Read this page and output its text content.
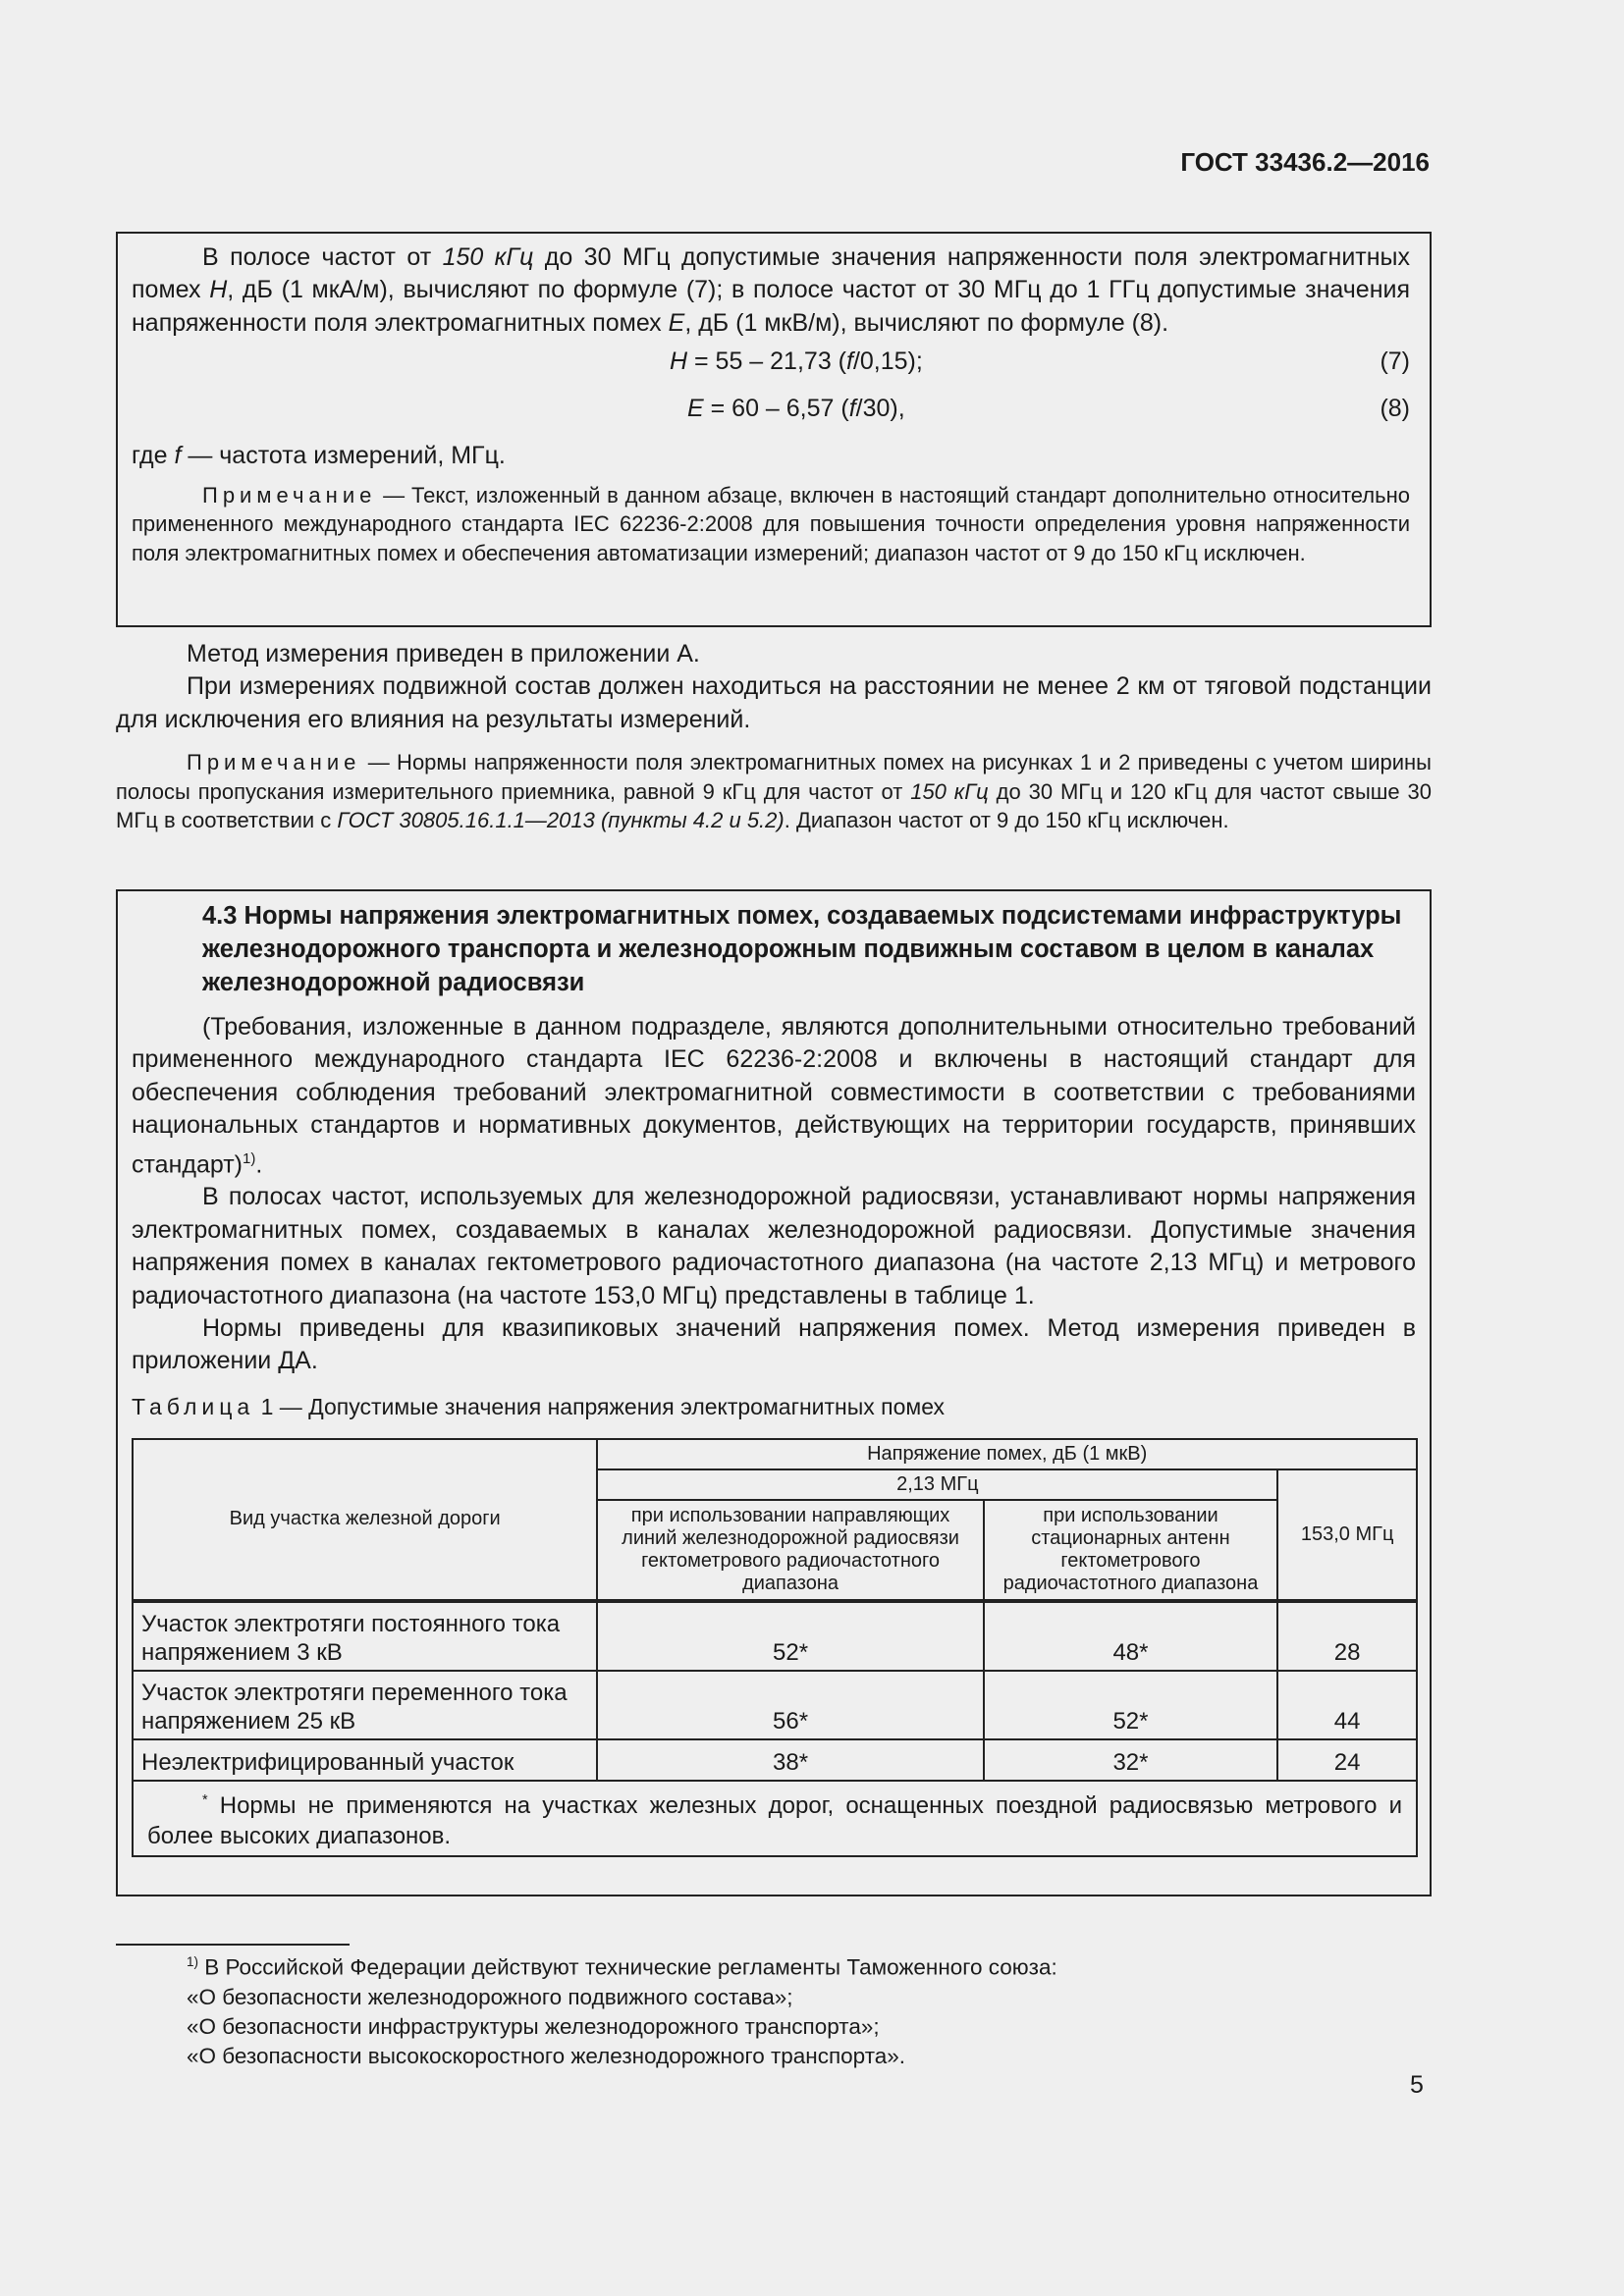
ГОСТ 33436.2—2016

В полосе частот от 150 кГц до 30 МГц допустимые значения напряженности поля электромагнитных помех H, дБ (1 мкА/м), вычисляют по формуле (7); в полосе частот от 30 МГц до 1 ГГц допустимые значения напряженности поля электромагнитных помех E, дБ (1 мкВ/м), вычисляют по формуле (8).

H = 55 – 21,73 (f/0,15);	(7)
E = 60 – 6,57 (f/30),	(8)

где f — частота измерений, МГц.

Примечание — Текст, изложенный в данном абзаце, включен в настоящий стандарт дополнительно относительно примененного международного стандарта IEC 62236-2:2008 для повышения точности определения уровня напряженности поля электромагнитных помех и обеспечения автоматизации измерений; диапазон частот от 9 до 150 кГц исключен.

Метод измерения приведен в приложении А.

При измерениях подвижной состав должен находиться на расстоянии не менее 2 км от тяговой подстанции для исключения его влияния на результаты измерений.

Примечание — Нормы напряженности поля электромагнитных помех на рисунках 1 и 2 приведены с учетом ширины полосы пропускания измерительного приемника, равной 9 кГц для частот от 150 кГц до 30 МГц и 120 кГц для частот свыше 30 МГц в соответствии с ГОСТ 30805.16.1.1—2013 (пункты 4.2 и 5.2). Диапазон частот от 9 до 150 кГц исключен.

4.3 Нормы напряжения электромагнитных помех, создаваемых подсистемами инфраструктуры железнодорожного транспорта и железнодорожным подвижным составом в целом в каналах железнодорожной радиосвязи

(Требования, изложенные в данном подразделе, являются дополнительными относительно требований примененного международного стандарта IEC 62236-2:2008 и включены в настоящий стандарт для обеспечения соблюдения требований электромагнитной совместимости в соответствии с требованиями национальных стандартов и нормативных документов, действующих на территории государств, принявших стандарт)$^{1)}$.

В полосах частот, используемых для железнодорожной радиосвязи, устанавливают нормы напряжения электромагнитных помех, создаваемых в каналах железнодорожной радиосвязи. Допустимые значения напряжения помех в каналах гектометрового радиочастотного диапазона (на частоте 2,13 МГц) и метрового радиочастотного диапазона (на частоте 153,0 МГц) представлены в таблице 1.

Нормы приведены для квазипиковых значений напряжения помех. Метод измерения приведен в приложении ДА.

Таблица 1 — Допустимые значения напряжения электромагнитных помех

Вид участка железной дороги	Напряжение помех, дБ (1 мкВ)		
	2,13 МГц		153,0 МГц
	при использовании направляющих линий железнодорожной радиосвязи гектометрового радиочастотного диапазона	при использовании стационарных антенн гектометрового радиочастотного диапазона	
Участок электротяги постоянного тока напряжением 3 кВ	52*	48*	28
Участок электротяги переменного тока напряжением 25 кВ	56*	52*	44
Неэлектрифицированный участок	38*	32*	24
* Нормы не применяются на участках железных дорог, оснащенных поездной радиосвязью метрового и более высоких диапазонов.			
$^{1)}$ В Российской Федерации действуют технические регламенты Таможенного союза:
«О безопасности железнодорожного подвижного состава»;
«О безопасности инфраструктуры железнодорожного транспорта»;
«О безопасности высокоскоростного железнодорожного транспорта».
5
